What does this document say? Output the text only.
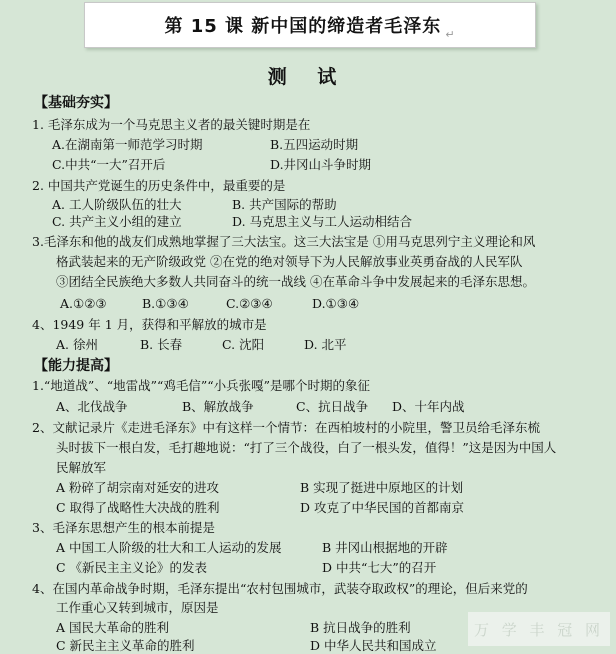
第 15 课 新中国的缔造者毛泽东 ↵
测 试
【基础夯实】
1. 毛泽东成为一个马克思主义者的最关键时期是在
A.在湖南第一师范学习时期	B.五四运动时期
C.中共“一大”召开后	D.井冈山斗争时期
2. 中国共产党诞生的历史条件中，最重要的是
A. 工人阶级队伍的壮大	B. 共产国际的帮助
C. 共产主义小组的建立	D. 马克思主义与工人运动相结合
3.毛泽东和他的战友们成熟地掌握了三大法宝。这三大法宝是 ①用马克思列宁主义理论和风
格武装起来的无产阶级政党 ②在党的绝对领导下为人民解放事业英勇奋战的人民军队
③团结全民族绝大多数人共同奋斗的统一战线 ④在革命斗争中发展起来的毛泽东思想。
A.①②③	B.①③④	C.②③④	D.①③④
4、1949 年 1 月，获得和平解放的城市是
A. 徐州	B. 长春	C. 沈阳	D. 北平
【能力提高】
1.“地道战”、“地雷战”“鸡毛信”“小兵张嘎”是哪个时期的象征
A、北伐战争	B、解放战争	C、抗日战争 D、十年内战
2、文献记录片《走进毛泽东》中有这样一个情节：在西柏坡村的小院里，警卫员给毛泽东梳
头时拔下一根白发，毛打趣地说：“打了三个战役，白了一根头发，值得！”这是因为中国人
民解放军
A 粉碎了胡宗南对延安的进攻	B 实现了挺进中原地区的计划
C 取得了战略性大决战的胜利	D 攻克了中华民国的首都南京
3、毛泽东思想产生的根本前提是
A 中国工人阶级的壮大和工人运动的发展	B 井冈山根据地的开辟
C 《新民主主义论》的发表	D 中共“七大”的召开
4、在国内革命战争时期，毛泽东提出“农村包围城市，武装夺取政权”的理论，但后来党的
工作重心又转到城市，原因是
A 国民大革命的胜利	B 抗日战争的胜利
C 新民主主义革命的胜利	D 中华人民共和国成立
万 学 丰 冠 网
